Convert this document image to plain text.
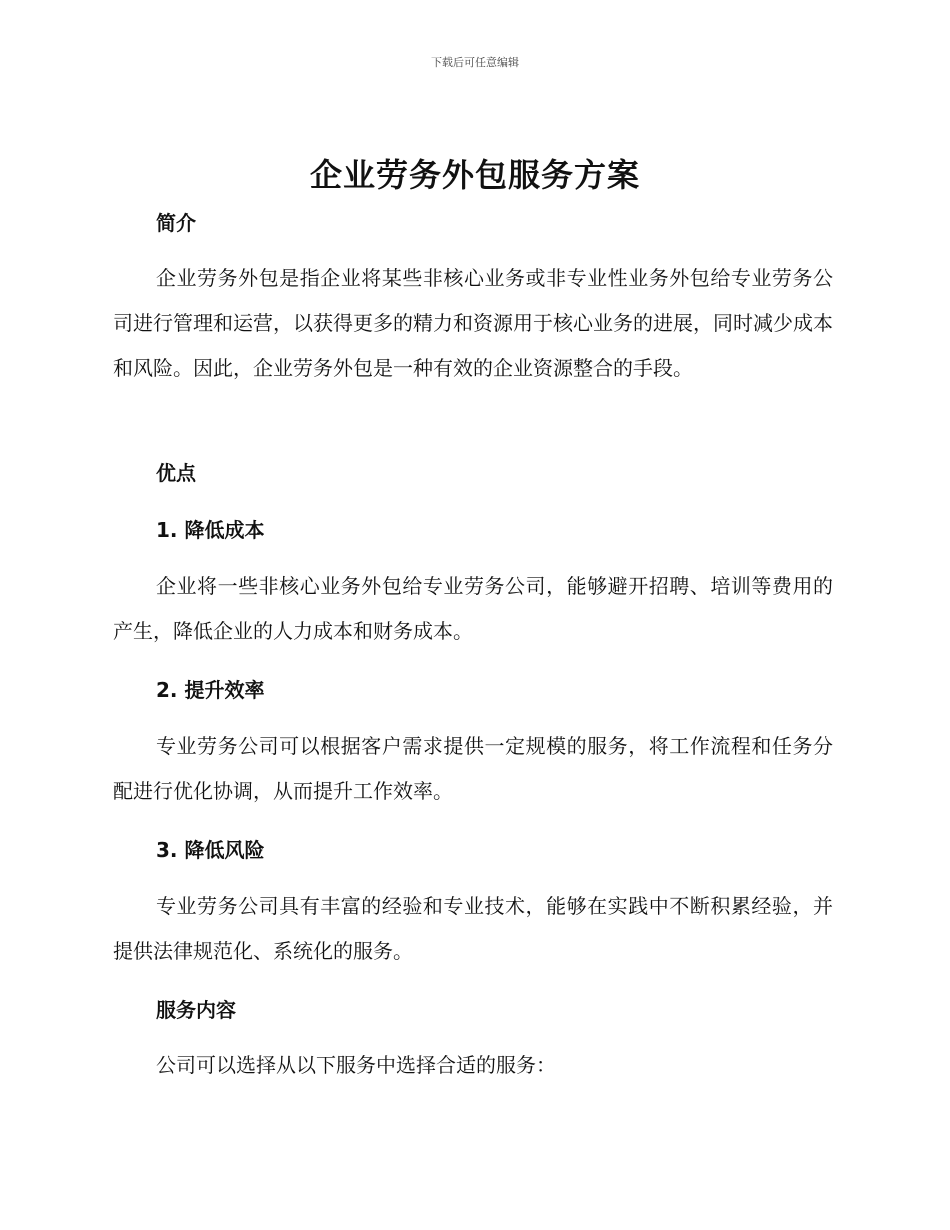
下载后可任意编辑
企业劳务外包服务方案
简介
企业劳务外包是指企业将某些非核心业务或非专业性业务外包给专业劳务公司进行管理和运营，以获得更多的精力和资源用于核心业务的进展，同时减少成本和风险。因此，企业劳务外包是一种有效的企业资源整合的手段。
优点
1. 降低成本
企业将一些非核心业务外包给专业劳务公司，能够避开招聘、培训等费用的产生，降低企业的人力成本和财务成本。
2. 提升效率
专业劳务公司可以根据客户需求提供一定规模的服务，将工作流程和任务分配进行优化协调，从而提升工作效率。
3. 降低风险
专业劳务公司具有丰富的经验和专业技术，能够在实践中不断积累经验，并提供法律规范化、系统化的服务。
服务内容
公司可以选择从以下服务中选择合适的服务：
